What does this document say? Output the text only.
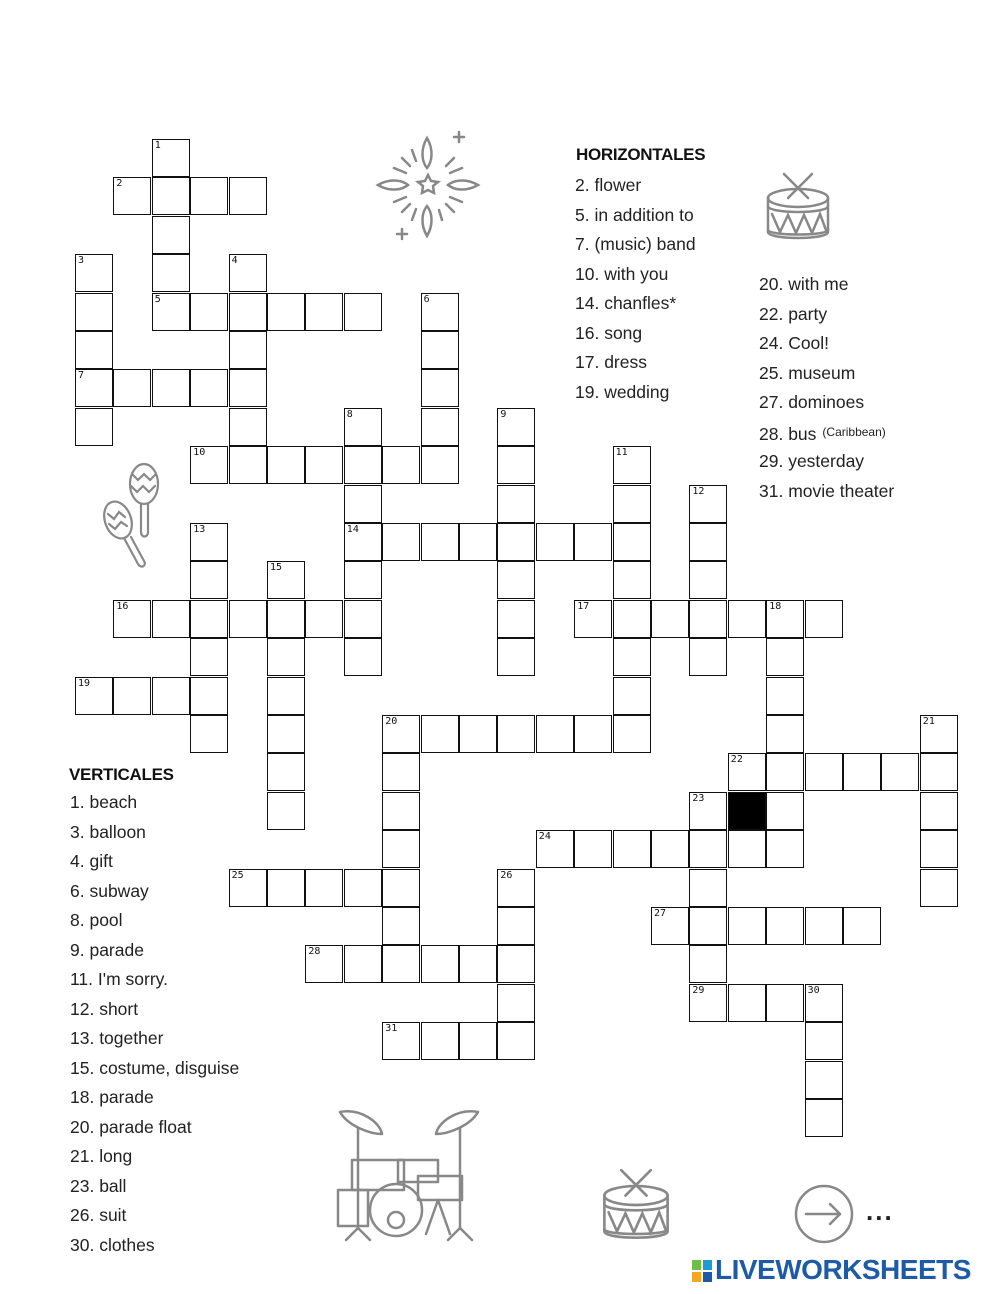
1
5
2
3
7
4
6
8
14
9
10	11
12
13
15
16	17	18
19
20	21
22
23
24
25	26
27
28
29	30
31
HORIZONTALES
2. flower
5. in addition to
7. (music) band
10. with you
14. chanfles*
16. song
17. dress
19. wedding
20. with me
22. party
24. Cool!
25. museum
27. dominoes
28. bus $^{(Caribbean)}$
29. yesterday
31. movie theater
VERTICALES
1. beach
3. balloon
4. gift
6. subway
8. pool
9. parade
11. I'm sorry.
12. short
13. together
15. costume, disguise
18. parade
20. parade float
21. long
23. ball
26. suit
30. clothes
...
LIVEWORKSHEETS
